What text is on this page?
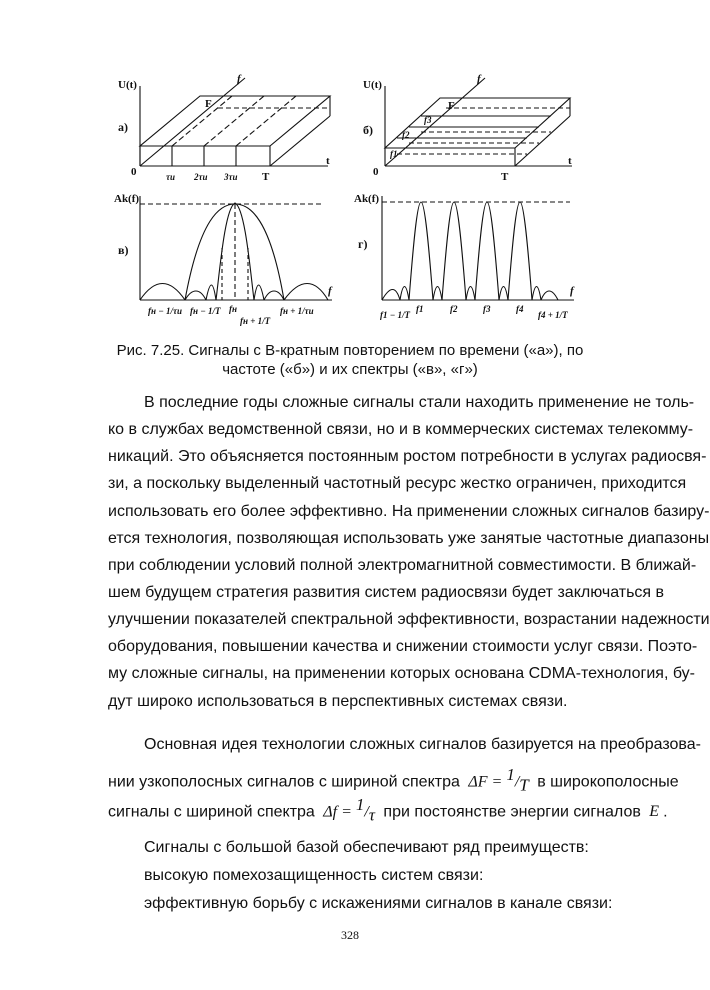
U(t)
а)
f
F
0
t
τи 2τи 3τи T
U(t)
б)
f
F
0
t
f1
f2
f3
T
Ak(f)
в)
f
fн − 1/τи fн − 1/T fн
fн + 1/T
fн + 1/τи
Ak(f)
г)
f
f1 − 1/T
f1	f2	f3	f4
f4 + 1/T
Рис. 7.25. Сигналы с В-кратным повторением по времени («а»), по
частоте («б») и их спектры («в», «г»)
В последние годы сложные сигналы стали находить применение не толь-
ко в службах ведомственной связи, но и в коммерческих системах телекомму-
никаций. Это объясняется постоянным ростом потребности в услугах радиосвя-
зи, а поскольку выделенный частотный ресурс жестко ограничен, приходится
использовать его более эффективно. На применении сложных сигналов базиру-
ется технология, позволяющая использовать уже занятые частотные диапазоны
при соблюдении условий полной электромагнитной совместимости. В ближай-
шем будущем стратегия развития систем радиосвязи будет заключаться в
улучшении показателей спектральной эффективности, возрастании надежности
оборудования, повышении качества и снижении стоимости услуг связи. Поэто-
му сложные сигналы, на применении которых основана CDMA-технология, бу-
дут широко использоваться в перспективных системах связи.
Основная идея технологии сложных сигналов базируется на преобразова-
нии узкополосных сигналов с шириной спектра $\Delta F = ^1/_T$ в широкополосные
сигналы с шириной спектра $\Delta f = ^1/_\tau$ при постоянстве энергии сигналов E .
Сигналы с большой базой обеспечивают ряд преимуществ:
высокую помехозащищенность систем связи:
эффективную борьбу с искажениями сигналов в канале связи:
328
